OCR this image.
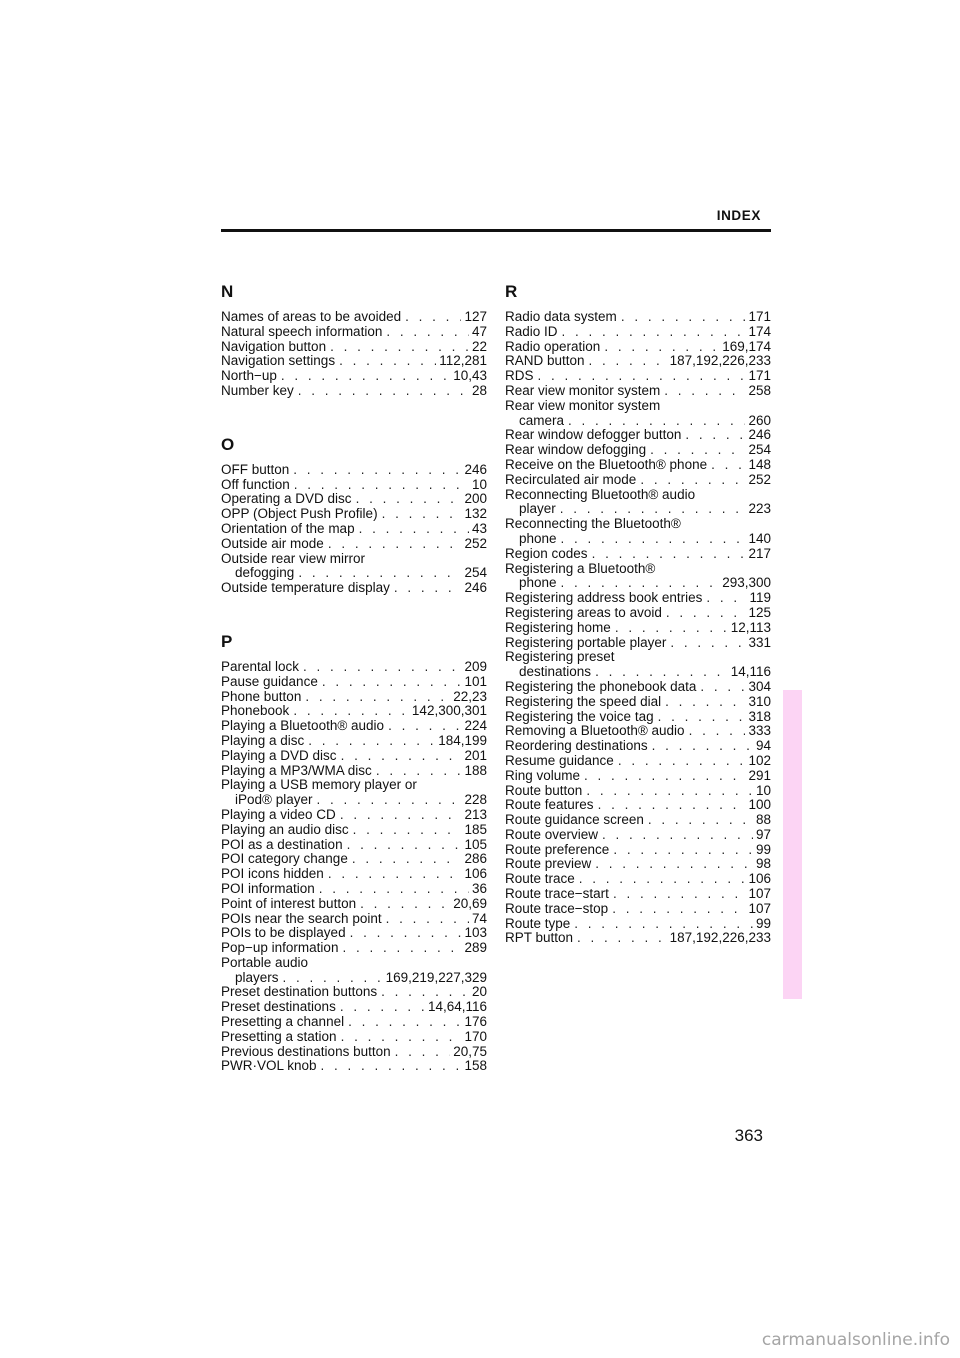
INDEX
N
Names of areas to be avoided . . .	127
Natural speech information . . .	47
Navigation button . . .	22
Navigation settings . . .	112,281
North−up . . .	10,43
Number key . . .	28
O
OFF button . . .	246
Off function . . .	10
Operating a DVD disc . . .	200
OPP (Object Push Profile) . . .	132
Orientation of the map . . .	43
Outside air mode . . .	252
Outside rear view mirror
defogging . . .	254
Outside temperature display . . .	246
P
Parental lock . . .	209
Pause guidance . . .	101
Phone button . . .	22,23
Phonebook . . .	142,300,301
Playing a Bluetooth® audio . . .	224
Playing a disc . . .	184,199
Playing a DVD disc . . .	201
Playing a MP3/WMA disc . . .	188
Playing a USB memory player or
iPod® player . . .	228
Playing a video CD . . .	213
Playing an audio disc . . .	185
POI as a destination . . .	105
POI category change . . .	286
POI icons hidden . . .	106
POI information . . .	36
Point of interest button . . .	20,69
POIs near the search point . . .	74
POIs to be displayed . . .	103
Pop−up information . . .	289
Portable audio
players . . .	169,219,227,329
Preset destination buttons . . .	20
Preset destinations . . .	14,64,116
Presetting a channel . . .	176
Presetting a station . . .	170
Previous destinations button . . .	20,75
PWR·VOL knob . . .	158
R
Radio data system . . .	171
Radio ID . . .	174
Radio operation . . .	169,174
RAND button . . .	187,192,226,233
RDS . . .	171
Rear view monitor system . . .	258
Rear view monitor system
camera . . .	260
Rear window defogger button . . .	246
Rear window defogging . . .	254
Receive on the Bluetooth® phone . . .	148
Recirculated air mode . . .	252
Reconnecting Bluetooth® audio
player . . .	223
Reconnecting the Bluetooth®
phone . . .	140
Region codes . . .	217
Registering a Bluetooth®
phone . . .	293,300
Registering address book entries . . .	119
Registering areas to avoid . . .	125
Registering home . . .	12,113
Registering portable player . . .	331
Registering preset
destinations . . .	14,116
Registering the phonebook data . . .	304
Registering the speed dial . . .	310
Registering the voice tag . . .	318
Removing a Bluetooth® audio . . .	333
Reordering destinations . . .	94
Resume guidance . . .	102
Ring volume . . .	291
Route button . . .	10
Route features . . .	100
Route guidance screen . . .	88
Route overview . . .	97
Route preference . . .	99
Route preview . . .	98
Route trace . . .	106
Route trace−start . . .	107
Route trace−stop . . .	107
Route type . . .	99
RPT button . . .	187,192,226,233
363
carmanualsonline.info
